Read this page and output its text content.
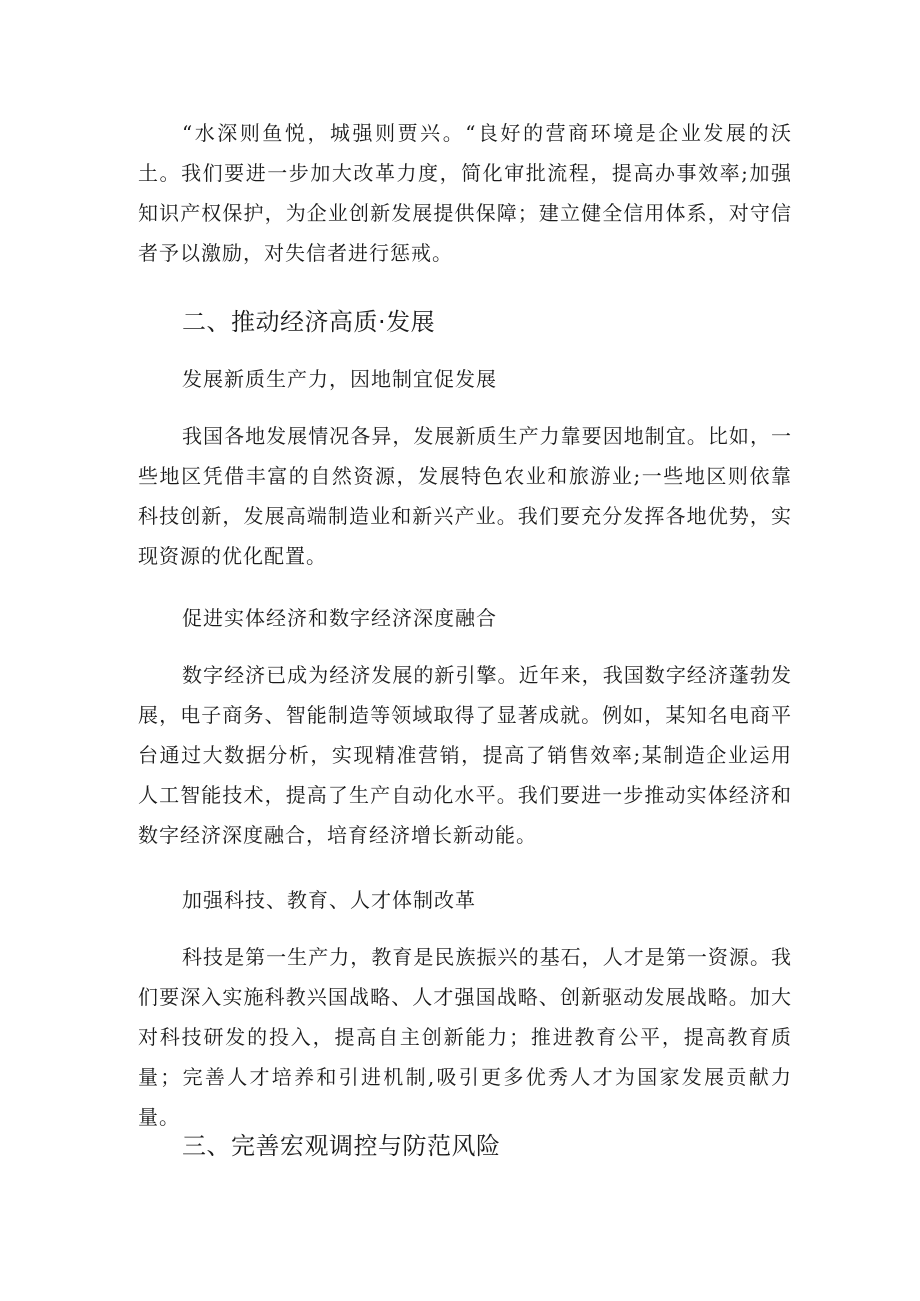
“水深则鱼悦，城强则贾兴。“良好的营商环境是企业发展的沃土。我们要进一步加大改革力度，简化审批流程，提高办事效率;加强知识产权保护，为企业创新发展提供保障；建立健全信用体系，对守信者予以激励，对失信者进行惩戒。

二、推动经济高质·发展

发展新质生产力，因地制宜促发展

我国各地发展情况各异，发展新质生产力靠要因地制宜。比如，一些地区凭借丰富的自然资源，发展特色农业和旅游业;一些地区则依靠科技创新，发展高端制造业和新兴产业。我们要充分发挥各地优势，实现资源的优化配置。

促进实体经济和数字经济深度融合

数字经济已成为经济发展的新引擎。近年来，我国数字经济蓬勃发展，电子商务、智能制造等领域取得了显著成就。例如，某知名电商平台通过大数据分析，实现精准营销，提高了销售效率;某制造企业运用人工智能技术，提高了生产自动化水平。我们要进一步推动实体经济和数字经济深度融合，培育经济增长新动能。

加强科技、教育、人才体制改革

科技是第一生产力，教育是民族振兴的基石，人才是第一资源。我们要深入实施科教兴国战略、人才强国战略、创新驱动发展战略。加大对科技研发的投入，提高自主创新能力；推进教育公平，提高教育质量；完善人才培养和引进机制,吸引更多优秀人才为国家发展贡献力量。

三、完善宏观调控与防范风险
